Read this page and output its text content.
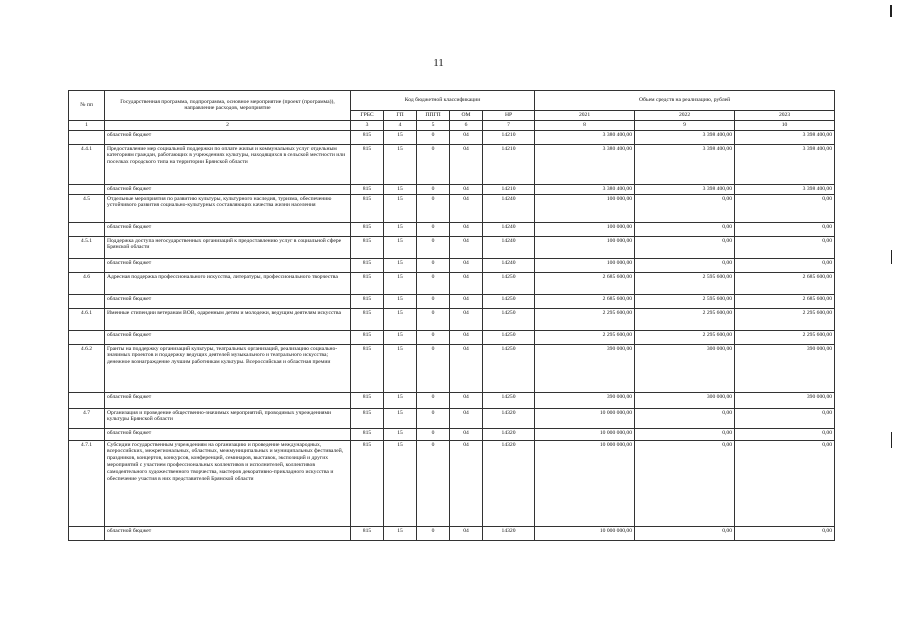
11
№ пп	Государственная программа, подпрограмма, основное мероприятие (проект (программа)), направление расходов, мероприятие	Код бюджетной классификации					Объем средств на реализацию, рублей		
		ГРБС	ГП	ППГП	ОМ	НР	2021	2022	2023
1	2	3	4	5	6	7	8	9	10
	областной бюджет	815	15	0	04	14210	3 380 400,00	3 398 400,00	3 398 400,00
4.4.1	Предоставление мер социальной поддержки по оплате жилья и коммунальных услуг отдельным категориям граждан, работающих в учреждениях культуры, находящихся в сельской местности или поселках городского типа на территории Брянской области	815	15	0	04	14210	3 380 400,00	3 398 400,00	3 398 400,00
	областной бюджет	815	15	0	04	14210	3 380 400,00	3 398 400,00	3 398 400,00
4.5	Отдельные мероприятия по развитию культуры, культурного наследия, туризма, обеспечению устойчивого развития социально-культурных составляющих качества жизни населения	815	15	0	04	14240	100 000,00	0,00	0,00
	областной бюджет	815	15	0	04	14240	100 000,00	0,00	0,00
4.5.1	Поддержка доступа негосударственных организаций к предоставлению услуг в социальной сфере Брянской области	815	15	0	04	14240	100 000,00	0,00	0,00
	областной бюджет	815	15	0	04	14240	100 000,00	0,00	0,00
4.6	Адресная поддержка профессионального искусства, литературы, профессионального творчества	815	15	0	04	14250	2 685 600,00	2 595 600,00	2 685 600,00
	областной бюджет	815	15	0	04	14250	2 685 600,00	2 595 600,00	2 685 600,00
4.6.1	Именные стипендии ветеранам ВОВ, одаренным детям и молодежи, ведущим деятелям искусства	815	15	0	04	14250	2 295 600,00	2 295 600,00	2 295 600,00
	областной бюджет	815	15	0	04	14250	2 295 600,00	2 295 600,00	2 295 600,00
4.6.2	Гранты на поддержку организаций культуры, театральных организаций, реализацию социально-значимых проектов и поддержку ведущих деятелей музыкального и театрального искусства; денежное вознаграждение лучшим работникам культуры. Всероссийская и областная премии	815	15	0	04	14250	390 000,00	300 000,00	390 000,00
	областной бюджет	815	15	0	04	14250	390 000,00	300 000,00	390 000,00
4.7	Организация и проведение общественно-значимых мероприятий, проводимых учреждениями культуры Брянской области	815	15	0	04	14320	10 000 000,00	0,00	0,00
	областной бюджет	815	15	0	04	14320	10 000 000,00	0,00	0,00
4.7.1	Субсидии государственным учреждениям на организацию и проведение международных, всероссийских, межрегиональных, областных, межмуниципальных и муниципальных фестивалей, праздников, концертов, конкурсов, конференций, семинаров, выставок, экспозиций и других мероприятий с участием профессиональных коллективов и исполнителей, коллективов самодеятельного художественного творчества, мастеров декоративно-прикладного искусства и обеспечение участия в них представителей Брянской области	815	15	0	04	14320	10 000 000,00	0,00	0,00
	областной бюджет	815	15	0	04	14320	10 000 000,00	0,00	0,00
